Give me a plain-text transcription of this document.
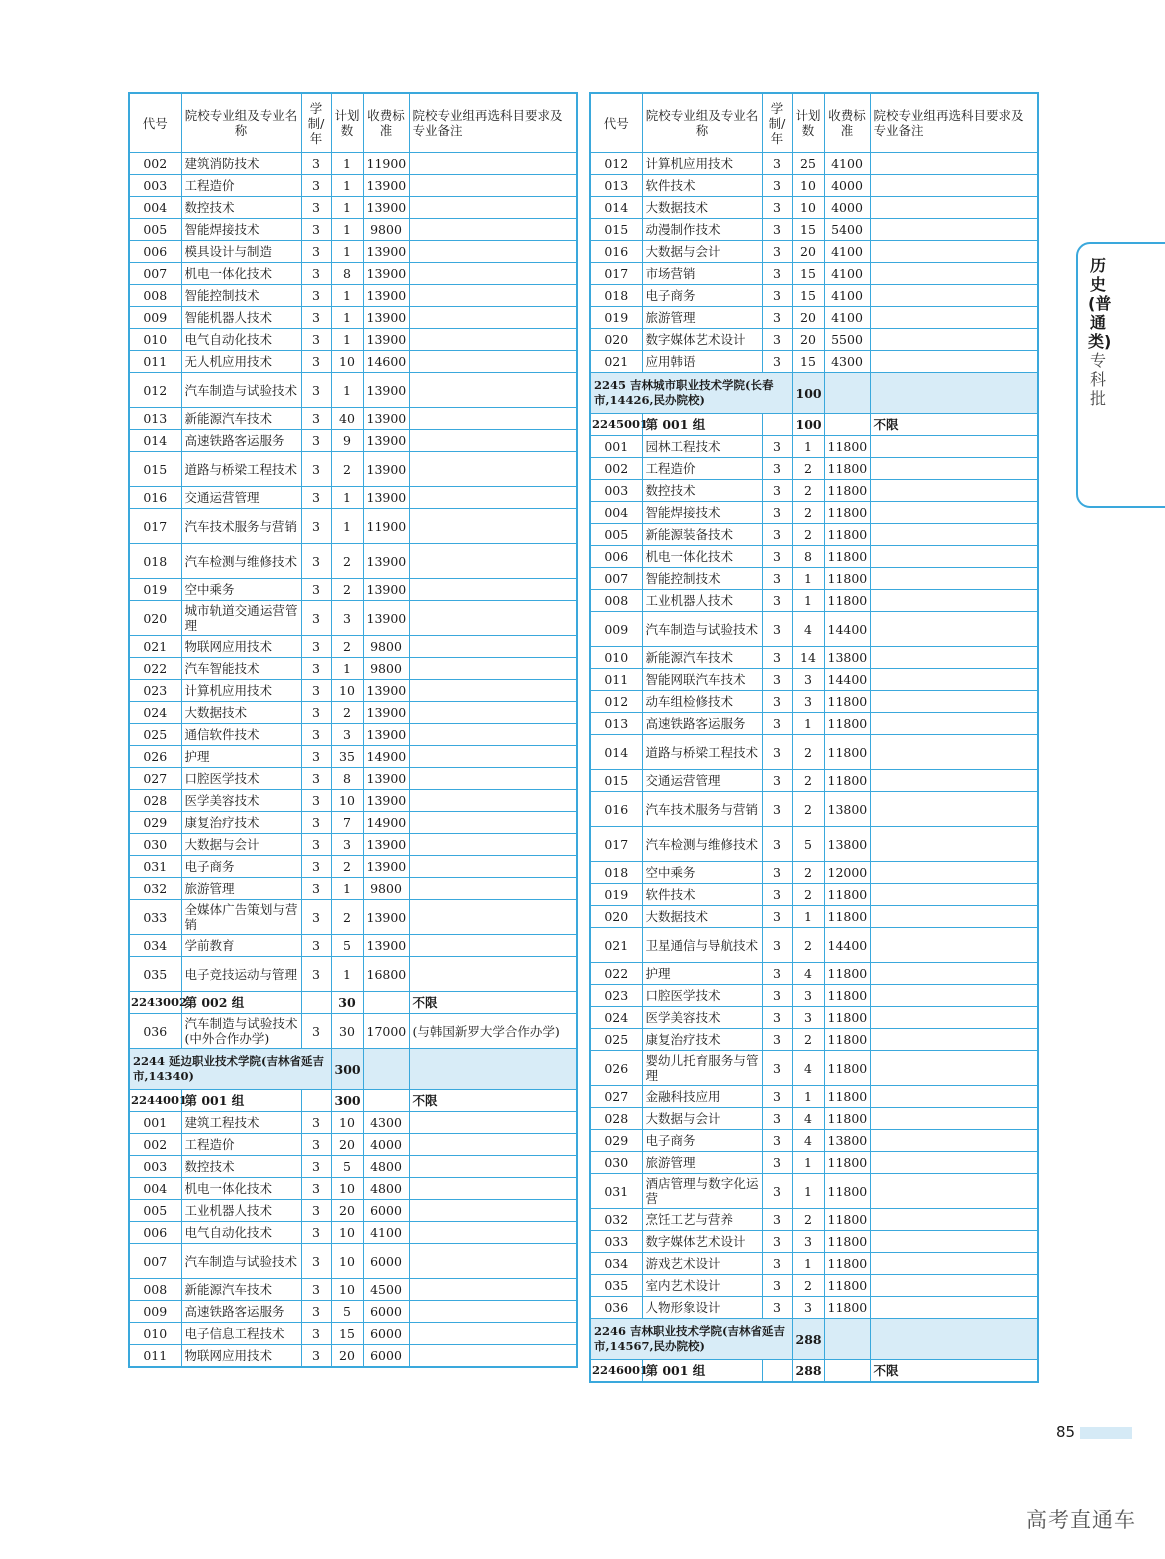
代号	院校专业组及专业名称	学制/年	计划数	收费标准	院校专业组再选科目要求及专业备注
002	建筑消防技术	3	1	11900	
003	工程造价	3	1	13900	
004	数控技术	3	1	13900	
005	智能焊接技术	3	1	9800	
006	模具设计与制造	3	1	13900	
007	机电一体化技术	3	8	13900	
008	智能控制技术	3	1	13900	
009	智能机器人技术	3	1	13900	
010	电气自动化技术	3	1	13900	
011	无人机应用技术	3	10	14600	
012	汽车制造与试验技术	3	1	13900	
013	新能源汽车技术	3	40	13900	
014	高速铁路客运服务	3	9	13900	
015	道路与桥梁工程技术	3	2	13900	
016	交通运营管理	3	1	13900	
017	汽车技术服务与营销	3	1	11900	
018	汽车检测与维修技术	3	2	13900	
019	空中乘务	3	2	13900	
020	城市轨道交通运营管理	3	3	13900	
021	物联网应用技术	3	2	9800	
022	汽车智能技术	3	1	9800	
023	计算机应用技术	3	10	13900	
024	大数据技术	3	2	13900	
025	通信软件技术	3	3	13900	
026	护理	3	35	14900	
027	口腔医学技术	3	8	13900	
028	医学美容技术	3	10	13900	
029	康复治疗技术	3	7	14900	
030	大数据与会计	3	3	13900	
031	电子商务	3	2	13900	
032	旅游管理	3	1	9800	
033	全媒体广告策划与营销	3	2	13900	
034	学前教育	3	5	13900	
035	电子竞技运动与管理	3	1	16800	
2243002	第 002 组		30		不限
036	汽车制造与试验技术(中外合作办学)	3	30	17000	(与韩国新罗大学合作办学)
2244 延边职业技术学院(吉林省延吉市,14340)			300		
2244001	第 001 组		300		不限
001	建筑工程技术	3	10	4300	
002	工程造价	3	20	4000	
003	数控技术	3	5	4800	
004	机电一体化技术	3	10	4800	
005	工业机器人技术	3	20	6000	
006	电气自动化技术	3	10	4100	
007	汽车制造与试验技术	3	10	6000	
008	新能源汽车技术	3	10	4500	
009	高速铁路客运服务	3	5	6000	
010	电子信息工程技术	3	15	6000	
011	物联网应用技术	3	20	6000	
代号	院校专业组及专业名称	学制/年	计划数	收费标准	院校专业组再选科目要求及专业备注
012	计算机应用技术	3	25	4100	
013	软件技术	3	10	4000	
014	大数据技术	3	10	4000	
015	动漫制作技术	3	15	5400	
016	大数据与会计	3	20	4100	
017	市场营销	3	15	4100	
018	电子商务	3	15	4100	
019	旅游管理	3	20	4100	
020	数字媒体艺术设计	3	20	5500	
021	应用韩语	3	15	4300	
2245 吉林城市职业技术学院(长春市,14426,民办院校)			100		
2245001	第 001 组		100		不限
001	园林工程技术	3	1	11800	
002	工程造价	3	2	11800	
003	数控技术	3	2	11800	
004	智能焊接技术	3	2	11800	
005	新能源装备技术	3	2	11800	
006	机电一体化技术	3	8	11800	
007	智能控制技术	3	1	11800	
008	工业机器人技术	3	1	11800	
009	汽车制造与试验技术	3	4	14400	
010	新能源汽车技术	3	14	13800	
011	智能网联汽车技术	3	3	14400	
012	动车组检修技术	3	3	11800	
013	高速铁路客运服务	3	1	11800	
014	道路与桥梁工程技术	3	2	11800	
015	交通运营管理	3	2	11800	
016	汽车技术服务与营销	3	2	13800	
017	汽车检测与维修技术	3	5	13800	
018	空中乘务	3	2	12000	
019	软件技术	3	2	11800	
020	大数据技术	3	1	11800	
021	卫星通信与导航技术	3	2	14400	
022	护理	3	4	11800	
023	口腔医学技术	3	3	11800	
024	医学美容技术	3	3	11800	
025	康复治疗技术	3	2	11800	
026	婴幼儿托育服务与管理	3	4	11800	
027	金融科技应用	3	1	11800	
028	大数据与会计	3	4	11800	
029	电子商务	3	4	13800	
030	旅游管理	3	1	11800	
031	酒店管理与数字化运营	3	1	11800	
032	烹饪工艺与营养	3	2	11800	
033	数字媒体艺术设计	3	3	11800	
034	游戏艺术设计	3	1	11800	
035	室内艺术设计	3	2	11800	
036	人物形象设计	3	3	11800	
2246 吉林职业技术学院(吉林省延吉市,14567,民办院校)			288		
2246001	第 001 组		288		不限
历史
(普通类)
专科批
85
高考直通车
